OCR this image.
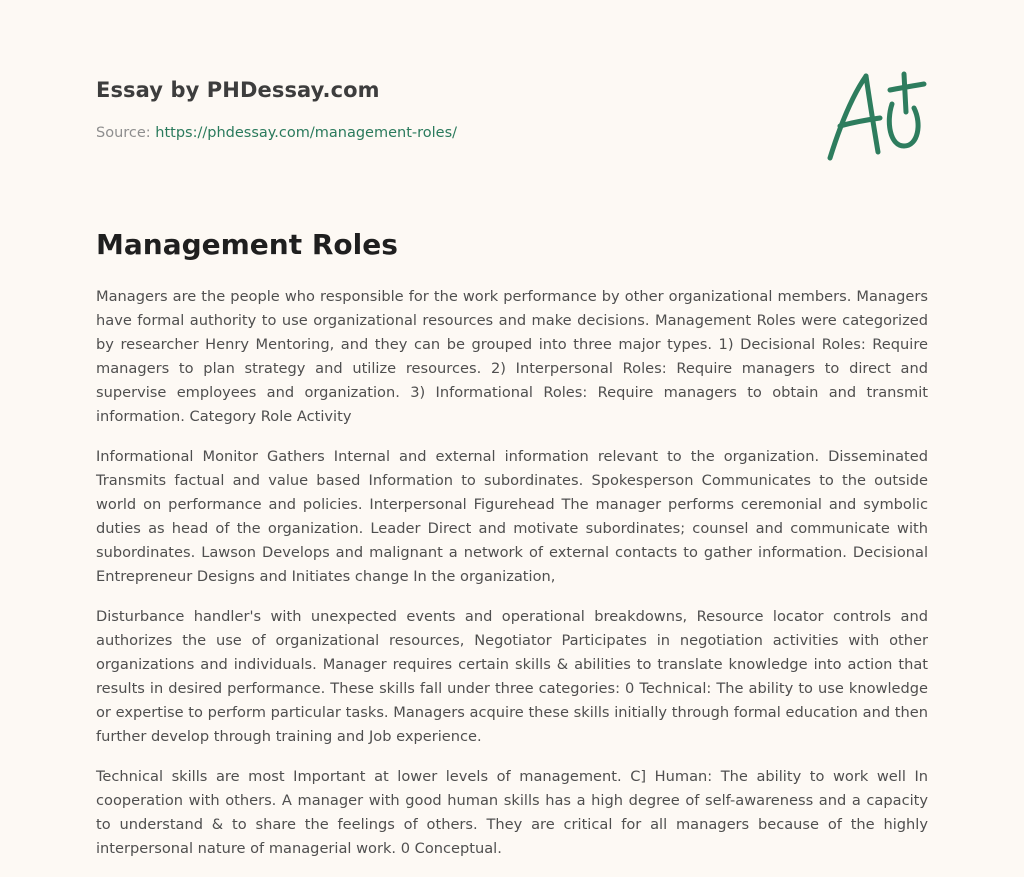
Essay by PHDessay.com
Source: https://phdessay.com/management-roles/
Management Roles

Managers are the people who responsible for the work performance by other organizational members. Managers have formal authority to use organizational resources and make decisions. Management Roles were categorized by researcher Henry Mentoring, and they can be grouped into three major types. 1) Decisional Roles: Require managers to plan strategy and utilize resources. 2) Interpersonal Roles: Require managers to direct and supervise employees and organization. 3) Informational Roles: Require managers to obtain and transmit information. Category Role Activity

Informational Monitor Gathers Internal and external information relevant to the organization. Disseminated Transmits factual and value based Information to subordinates. Spokesperson Communicates to the outside world on performance and policies. Interpersonal Figurehead The manager performs ceremonial and symbolic duties as head of the organization. Leader Direct and motivate subordinates; counsel and communicate with subordinates. Lawson Develops and malignant a network of external contacts to gather information. Decisional Entrepreneur Designs and Initiates change In the organization,

Disturbance handler's with unexpected events and operational breakdowns, Resource locator controls and authorizes the use of organizational resources, Negotiator Participates in negotiation activities with other organizations and individuals. Manager requires certain skills & abilities to translate knowledge into action that results in desired performance. These skills fall under three categories: 0 Technical: The ability to use knowledge or expertise to perform particular tasks. Managers acquire these skills initially through formal education and then further develop through training and Job experience.

Technical skills are most Important at lower levels of management. C] Human: The ability to work well In cooperation with others. A manager with good human skills has a high degree of self-awareness and a capacity to understand & to share the feelings of others. They are critical for all managers because of the highly interpersonal nature of managerial work. 0 Conceptual.
